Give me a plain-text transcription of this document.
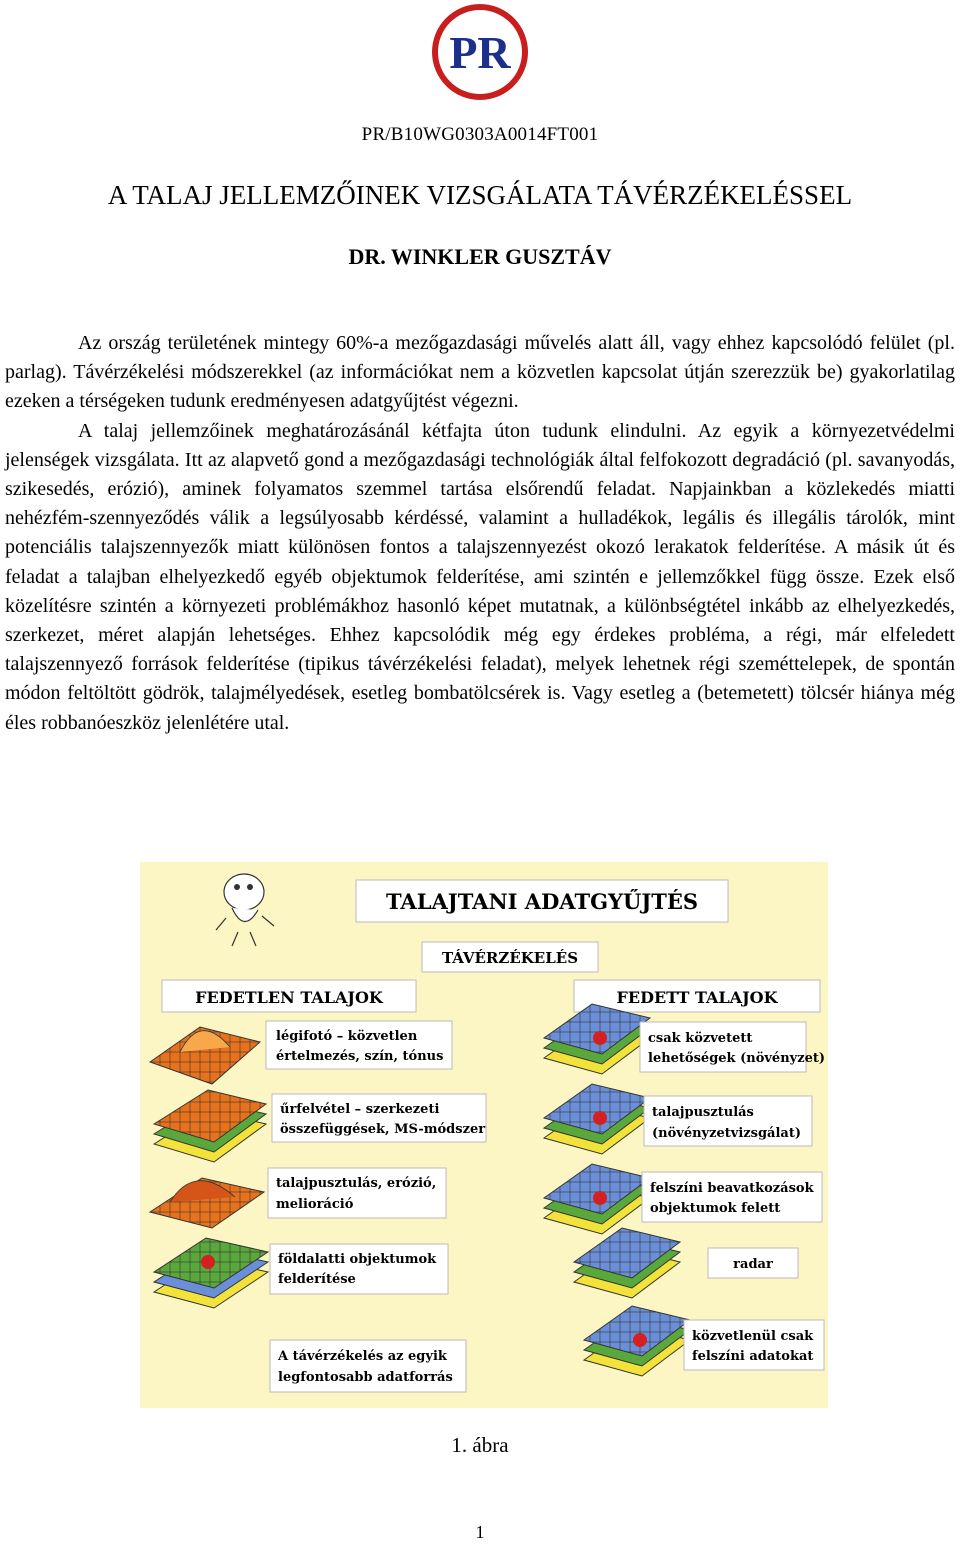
PR
PR/B10WG0303A0014FT001
A TALAJ JELLEMZŐINEK VIZSGÁLATA TÁVÉRZÉKELÉSSEL
DR. WINKLER GUSZTÁV

Az ország területének mintegy 60%-a mezőgazdasági művelés alatt áll, vagy ehhez kapcsolódó felület (pl. parlag). Távérzékelési módszerekkel (az információkat nem a közvetlen kapcsolat útján szerezzük be) gyakorlatilag ezeken a térségeken tudunk eredményesen adatgyűjtést végezni.

A talaj jellemzőinek meghatározásánál kétfajta úton tudunk elindulni. Az egyik a környezetvédelmi jelenségek vizsgálata. Itt az alapvető gond a mezőgazdasági technológiák által felfokozott degradáció (pl. savanyodás, szikesedés, erózió), aminek folyamatos szemmel tartása elsőrendű feladat. Napjainkban a közlekedés miatti nehézfém-szennyeződés válik a legsúlyosabb kérdéssé, valamint a hulladékok, legális és illegális tárolók, mint potenciális talajszennyezők miatt különösen fontos a talajszennyezést okozó lerakatok felderítése. A másik út és feladat a talajban elhelyezkedő egyéb objektumok felderítése, ami szintén e jellemzőkkel függ össze. Ezek első közelítésre szintén a környezeti problémákhoz hasonló képet mutatnak, a különbségtétel inkább az elhelyezkedés, szerkezet, méret alapján lehetséges. Ehhez kapcsolódik még egy érdekes probléma, a régi, már elfeledett talajszennyező források felderítése (tipikus távérzékelési feladat), melyek lehetnek régi szeméttelepek, de spontán módon feltöltött gödrök, talajmélyedések, esetleg bombatölcsérek is. Vagy esetleg a (betemetett) tölcsér hiánya még éles robbanóeszköz jelenlétére utal.

TALAJTANI ADATGYŰJTÉS
TÁVÉRZÉKELÉS
FEDETLEN TALAJOK	FEDETT TALAJOK
légifotó – közvetlen
értelmezés, szín, tónus
űrfelvétel – szerkezeti
összefüggések, MS-módszer
talajpusztulás, erózió,
melioráció
földalatti objektumok
felderítése
A távérzékelés az egyik
legfontosabb adatforrás
csak közvetett
lehetőségek (növényzet)
talajpusztulás
(növényzetvizsgálat)
felszíni beavatkozások
objektumok felett
radar
közvetlenül csak
felszíni adatokat
1. ábra
1
